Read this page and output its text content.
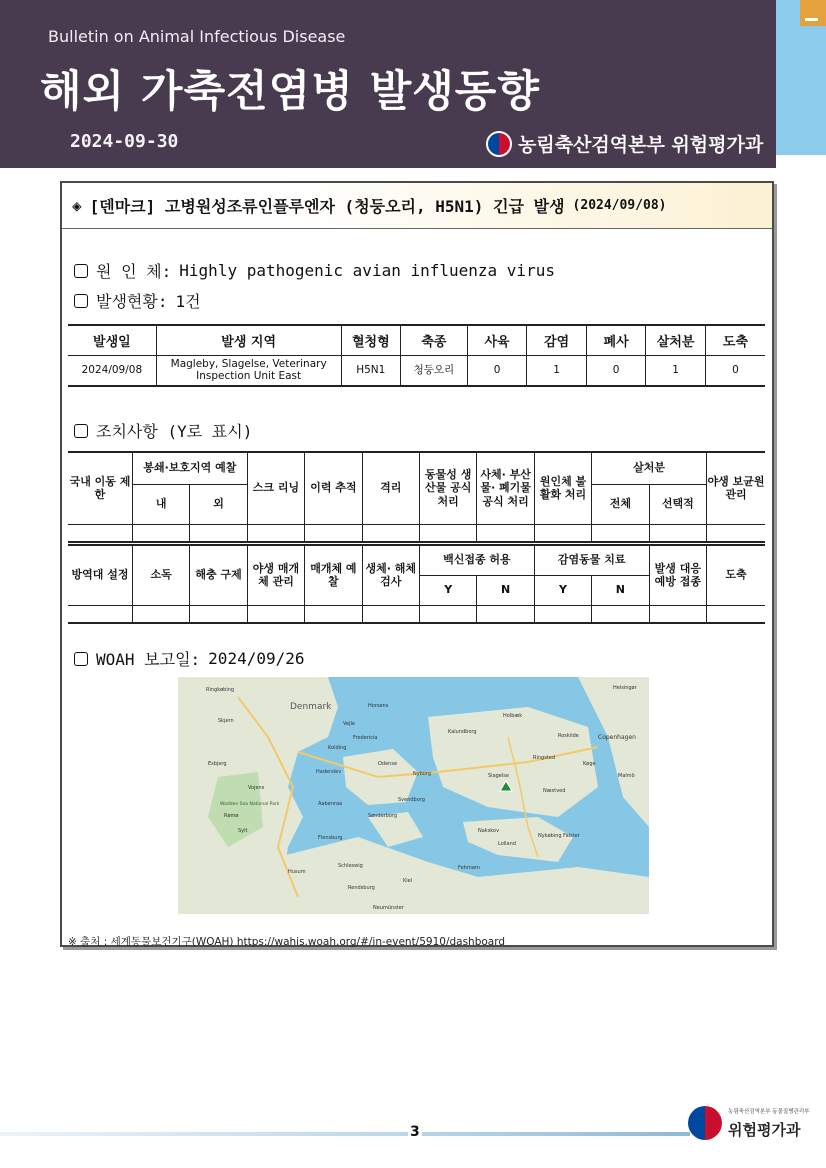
Bulletin on Animal Infectious Disease
해외 가축전염병 발생동향
2024-09-30	농림축산검역본부 위험평가과
◈ [덴마크] 고병원성조류인플루엔자 (청둥오리, H5N1) 긴급 발생 (2024/09/08)
원 인 체: Highly pathogenic avian influenza virus
발생현황: 1건
발생일	발생 지역	혈청형	축종	사육	감염	폐사	살처분	도축
2024/09/08	Magleby, Slagelse, Veterinary Inspection Unit East	H5N1	청둥오리	0	1	0	1	0
조치사항 (Y로 표시)
국내 이동 제한	봉쇄·보호지역 예찰		스크 리닝	이력 추적	격리	동물성 생산물 공식 처리	사체· 부산물· 폐기물 공식 처리	원인체 불활화 처리	살처분		야생 보균원 관리
	내	외							전체	선택적	

방역대 설정	소독	해충 구제	야생 매개체 관리	매개체 예찰	생체· 해체 검사	백신접종 허용		감염동물 치료		발생 대응 예방 접종	도축
						Y	N	Y	N		

WOAH 보고일: 2024/09/26
Denmark
Ringkøbing
Skjern	Vejle
Horsens
Fredericia
Kolding
Esbjerg
Haderslev
Aabenraa
Sønderborg
Odense
Nyborg
Svendborg
Kalundborg
Holbæk
Slagelse
Ringsted
Næstved
Copenhagen
Roskilde
Køge
Nakskov
Nykøbing Falster
Flensburg
Schleswig
Kiel
Husum
Rendsburg
Neumünster
Malmö
Helsingør
Vojens
Wadden Sea National Park
Rømø
Sylt
Lolland
Fehmarn
※ 출처 : 세계동물보건기구(WOAH) https://wahis.woah.org/#/in-event/5910/dashboard
3
농림축산검역본부 동물질병관리부
위험평가과
